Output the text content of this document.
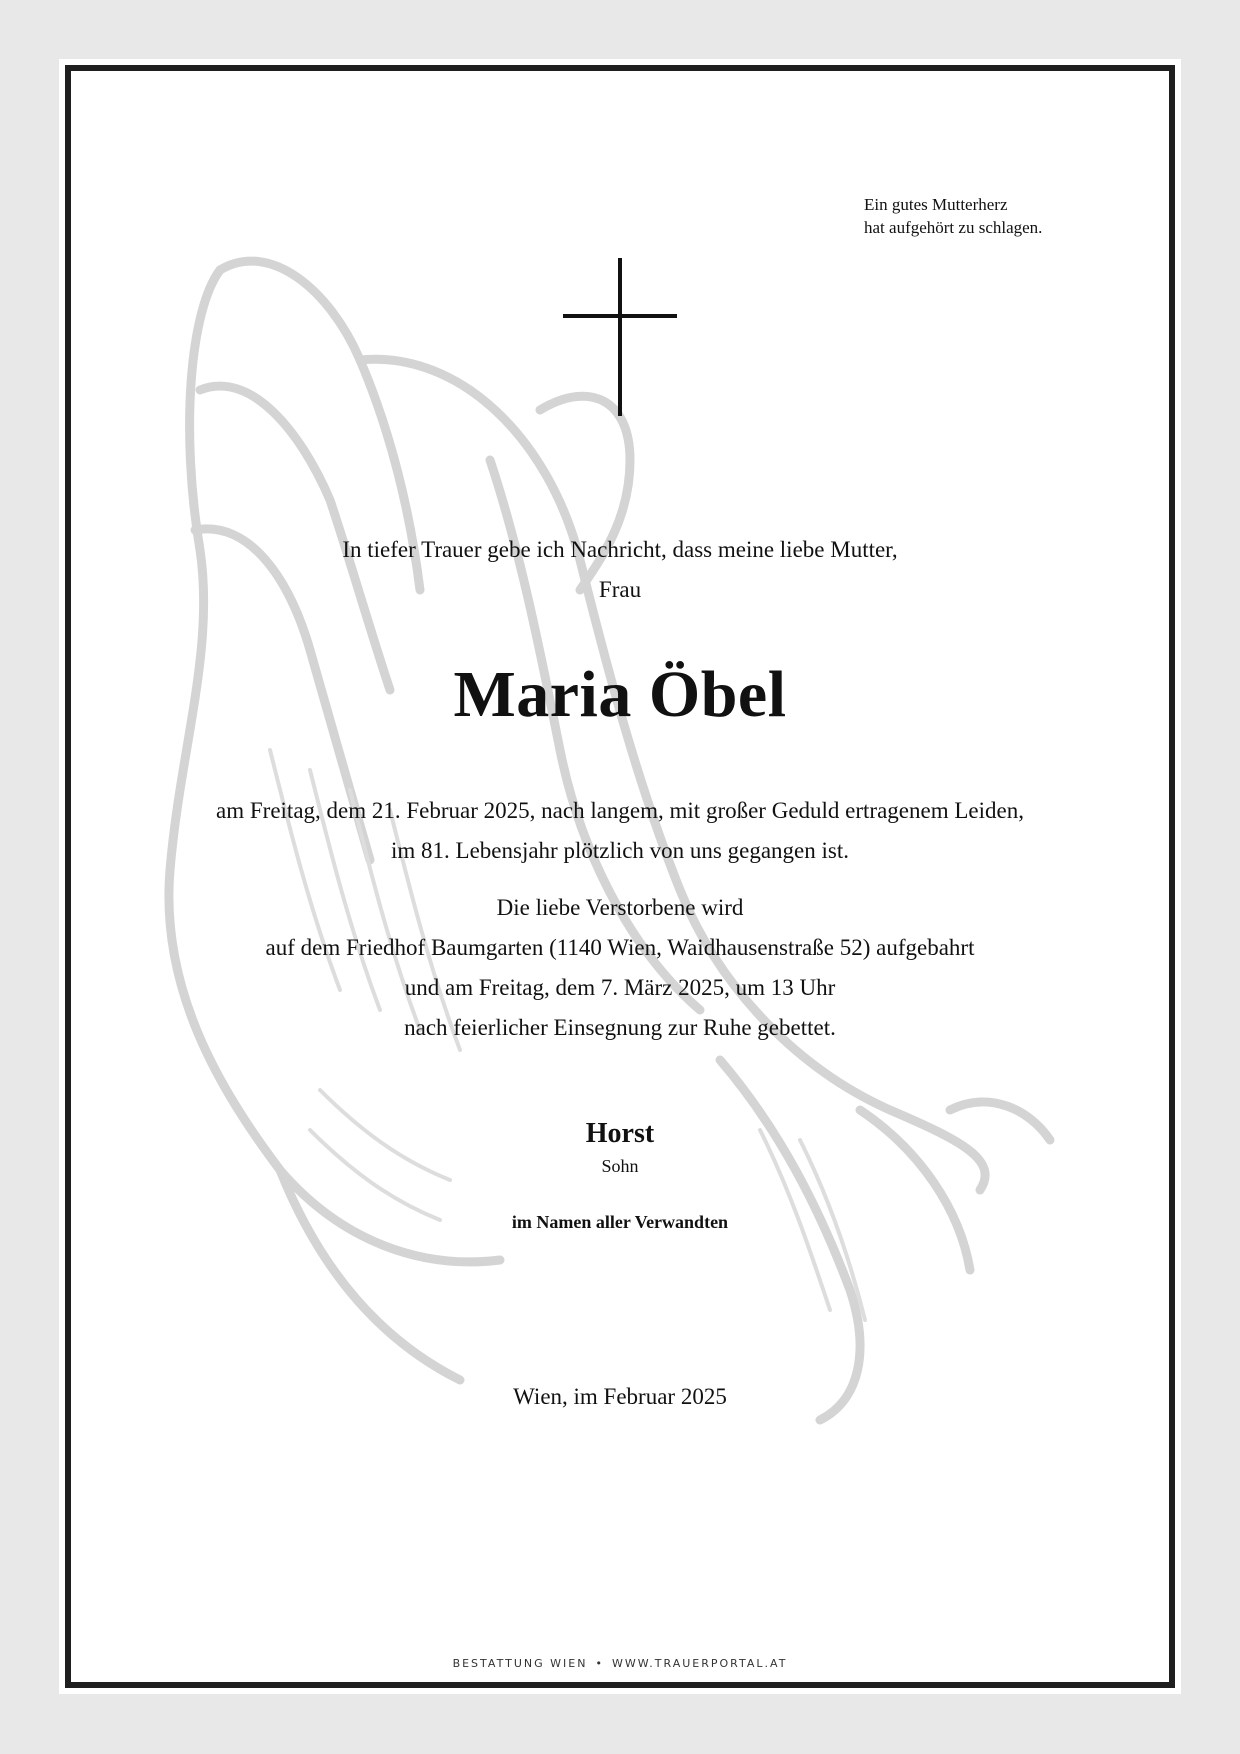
Ein gutes Mutterherz
hat aufgehört zu schlagen.
In tiefer Trauer gebe ich Nachricht, dass meine liebe Mutter,
Frau
Maria Öbel
am Freitag, dem 21. Februar 2025, nach langem, mit großer Geduld ertragenem Leiden,
im 81. Lebensjahr plötzlich von uns gegangen ist.
Die liebe Verstorbene wird
auf dem Friedhof Baumgarten (1140 Wien, Waidhausenstraße 52) aufgebahrt
und am Freitag, dem 7. März 2025, um 13 Uhr
nach feierlicher Einsegnung zur Ruhe gebettet.
Horst
Sohn
im Namen aller Verwandten
Wien, im Februar 2025
BESTATTUNG WIEN • WWW.TRAUERPORTAL.AT
